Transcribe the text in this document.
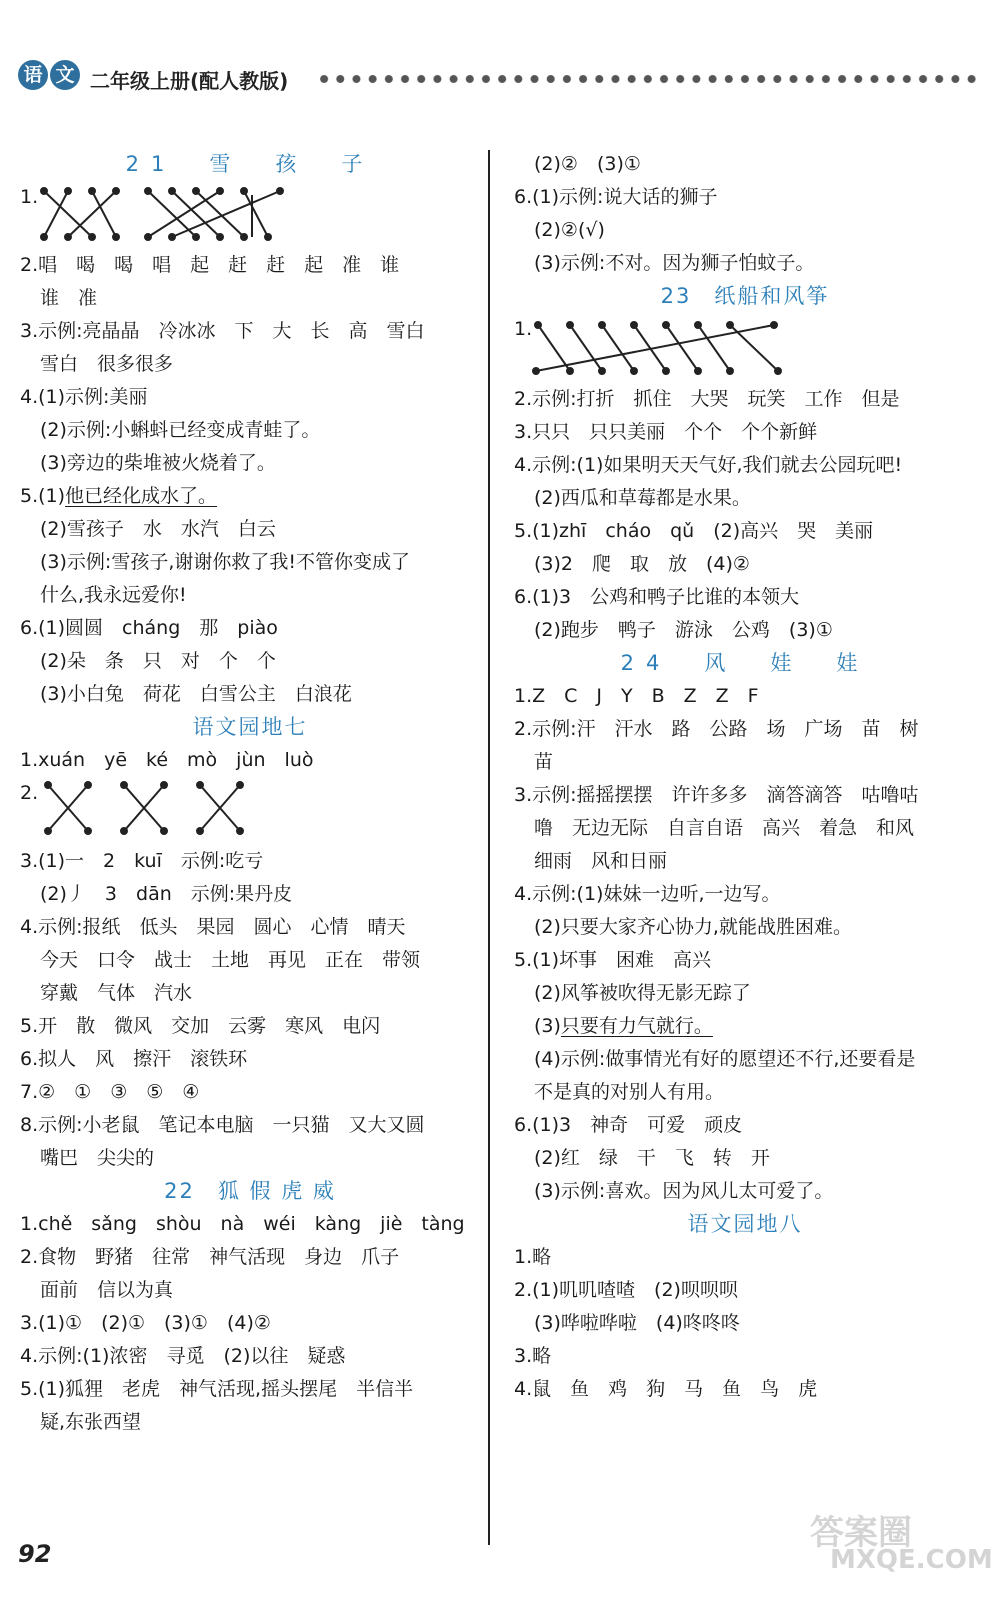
语 文 二年级上册(配人教版)
21　雪　孩　子
1.
2.唱　喝　喝　唱　起　赶　赶　起　准　谁
谁　准
3.示例:亮晶晶　冷冰冰　下　大　长　高　雪白
雪白　很多很多
4.(1)示例:美丽
(2)示例:小蝌蚪已经变成青蛙了。
(3)旁边的柴堆被火烧着了。
5.(1)他已经化成水了。
(2)雪孩子　水　水汽　白云
(3)示例:雪孩子,谢谢你救了我!不管你变成了
什么,我永远爱你!
6.(1)圆圆　cháng　那　piào
(2)朵　条　只　对　个　个
(3)小白兔　荷花　白雪公主　白浪花
语文园地七
1.xuán　yē　ké　mò　jùn　luò
2.
3.(1)一　2　kuī　示例:吃亏
(2)丿　3　dān　示例:果丹皮
4.示例:报纸　低头　果园　圆心　心情　晴天
今天　口令　战士　土地　再见　正在　带领
穿戴　气体　汽水
5.开　散　微风　交加　云雾　寒风　电闪
6.拟人　风　擦汗　滚铁环
7.②　①　③　⑤　④
8.示例:小老鼠　笔记本电脑　一只猫　又大又圆
嘴巴　尖尖的
22　狐 假 虎 威
1.chě　sǎng　shòu　nà　wéi　kàng　jiè　tàng
2.食物　野猪　往常　神气活现　身边　爪子
面前　信以为真
3.(1)①　(2)①　(3)①　(4)②
4.示例:(1)浓密　寻觅　(2)以往　疑惑
5.(1)狐狸　老虎　神气活现,摇头摆尾　半信半
疑,东张西望
(2)②　(3)①
6.(1)示例:说大话的狮子
(2)②(√)
(3)示例:不对。因为狮子怕蚊子。
23　纸船和风筝
1.
2.示例:打折　抓住　大哭　玩笑　工作　但是
3.只只　只只美丽　个个　个个新鲜
4.示例:(1)如果明天天气好,我们就去公园玩吧!
(2)西瓜和草莓都是水果。
5.(1)zhī　cháo　qǔ　(2)高兴　哭　美丽
(3)2　爬　取　放　(4)②
6.(1)3　公鸡和鸭子比谁的本领大
(2)跑步　鸭子　游泳　公鸡　(3)①
24　风　娃　娃
1.Z　C　J　Y　B　Z　Z　F
2.示例:汗　汗水　路　公路　场　广场　苗　树
苗
3.示例:摇摇摆摆　许许多多　滴答滴答　咕噜咕
噜　无边无际　自言自语　高兴　着急　和风
细雨　风和日丽
4.示例:(1)妹妹一边听,一边写。
(2)只要大家齐心协力,就能战胜困难。
5.(1)坏事　困难　高兴
(2)风筝被吹得无影无踪了
(3)只要有力气就行。
(4)示例:做事情光有好的愿望还不行,还要看是
不是真的对别人有用。
6.(1)3　神奇　可爱　顽皮
(2)红　绿　干　飞　转　开
(3)示例:喜欢。因为风儿太可爱了。
语文园地八
1.略
2.(1)叽叽喳喳　(2)呗呗呗
(3)哗啦哗啦　(4)咚咚咚
3.略
4.鼠　鱼　鸡　狗　马　鱼　鸟　虎
92
答案圈
MXQE.COM
